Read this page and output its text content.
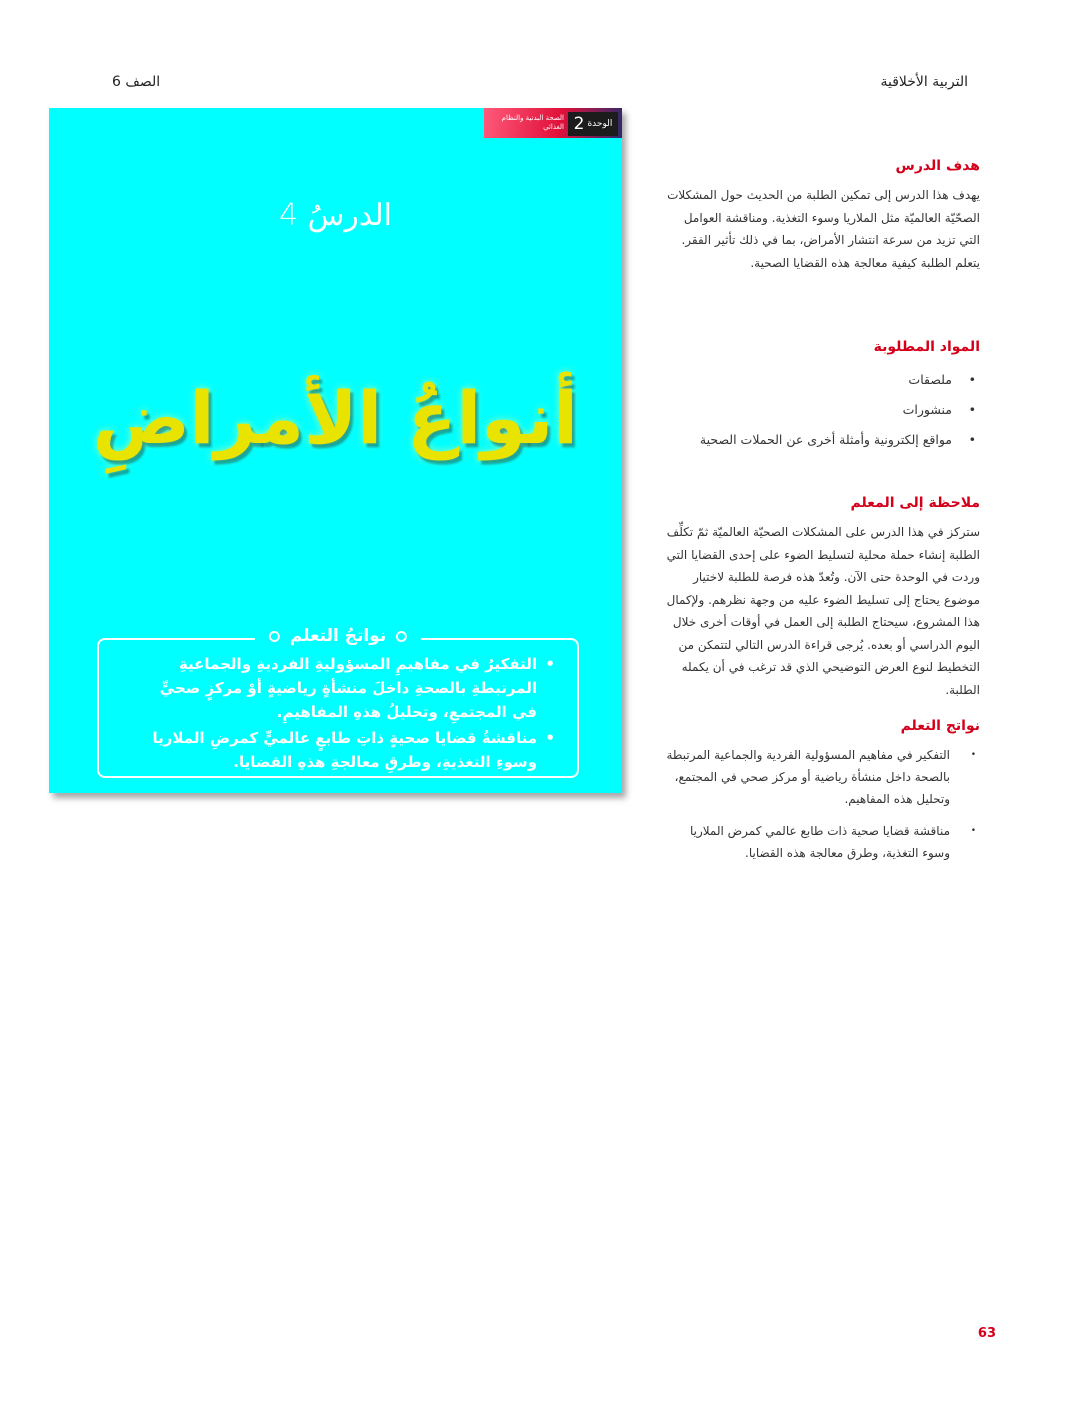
التربية الأخلاقية
الصف 6
الوحدة
2
الصحة البدنية والنظام الغذائي
الدرسُ 4
أنواعُ الأمراضِ
نواتجُ التعلم
• التفكيرُ في مفاهيمِ المسؤوليةِ الفرديةِ والجماعيةِ المرتبطةِ بالصحةِ داخلَ منشأةٍ رياضيةٍ أوْ مركزٍ صحيٍّ في المجتمعِ، وتحليلُ هذهِ المفاهيمِ.
• مناقشةُ قضايا صحيةٍ ذاتِ طابعٍ عالميٍّ كمرضِ الملاريا وسوءِ التغذيةِ، وطرقِ معالجةِ هذهِ القضايا.
هدف الدرس

يهدف هذا الدرس إلى تمكين الطلبة من الحديث حول المشكلات الصحّيّة العالميّة مثل الملاريا وسوء التغذية. ومناقشة العوامل التي تزيد من سرعة انتشار الأمراض، بما في ذلك تأثير الفقر. يتعلم الطلبة كيفية معالجة هذه القضايا الصحية.

المواد المطلوبة
• ملصقات
• منشورات
• مواقع إلكترونية وأمثلة أخرى عن الحملات الصحية
ملاحظة إلى المعلم

ستركز في هذا الدرس على المشكلات الصحيّة العالميّة ثمّ تكلِّف الطلبة إنشاء حملة محلية لتسليط الضوء على إحدى القضايا التي وردت في الوحدة حتى الآن. وتُعدّ هذه فرصة للطلبة لاختيار موضوع يحتاج إلى تسليط الضوء عليه من وجهة نظرهم. ولإكمال هذا المشروع، سيحتاج الطلبة إلى العمل في أوقات أخرى خلال اليوم الدراسي أو بعده. يُرجى قراءة الدرس التالي لتتمكن من التخطيط لنوع العرض التوضيحي الذي قد ترغب في أن يكمله الطلبة.

نواتج التعلم
• التفكير في مفاهيم المسؤولية الفردية والجماعية المرتبطة بالصحة داخل منشأة رياضية أو مركز صحي في المجتمع، وتحليل هذه المفاهيم.
• مناقشة قضايا صحية ذات طابع عالمي كمرض الملاريا وسوء التغذية، وطرق معالجة هذه القضايا.
63
